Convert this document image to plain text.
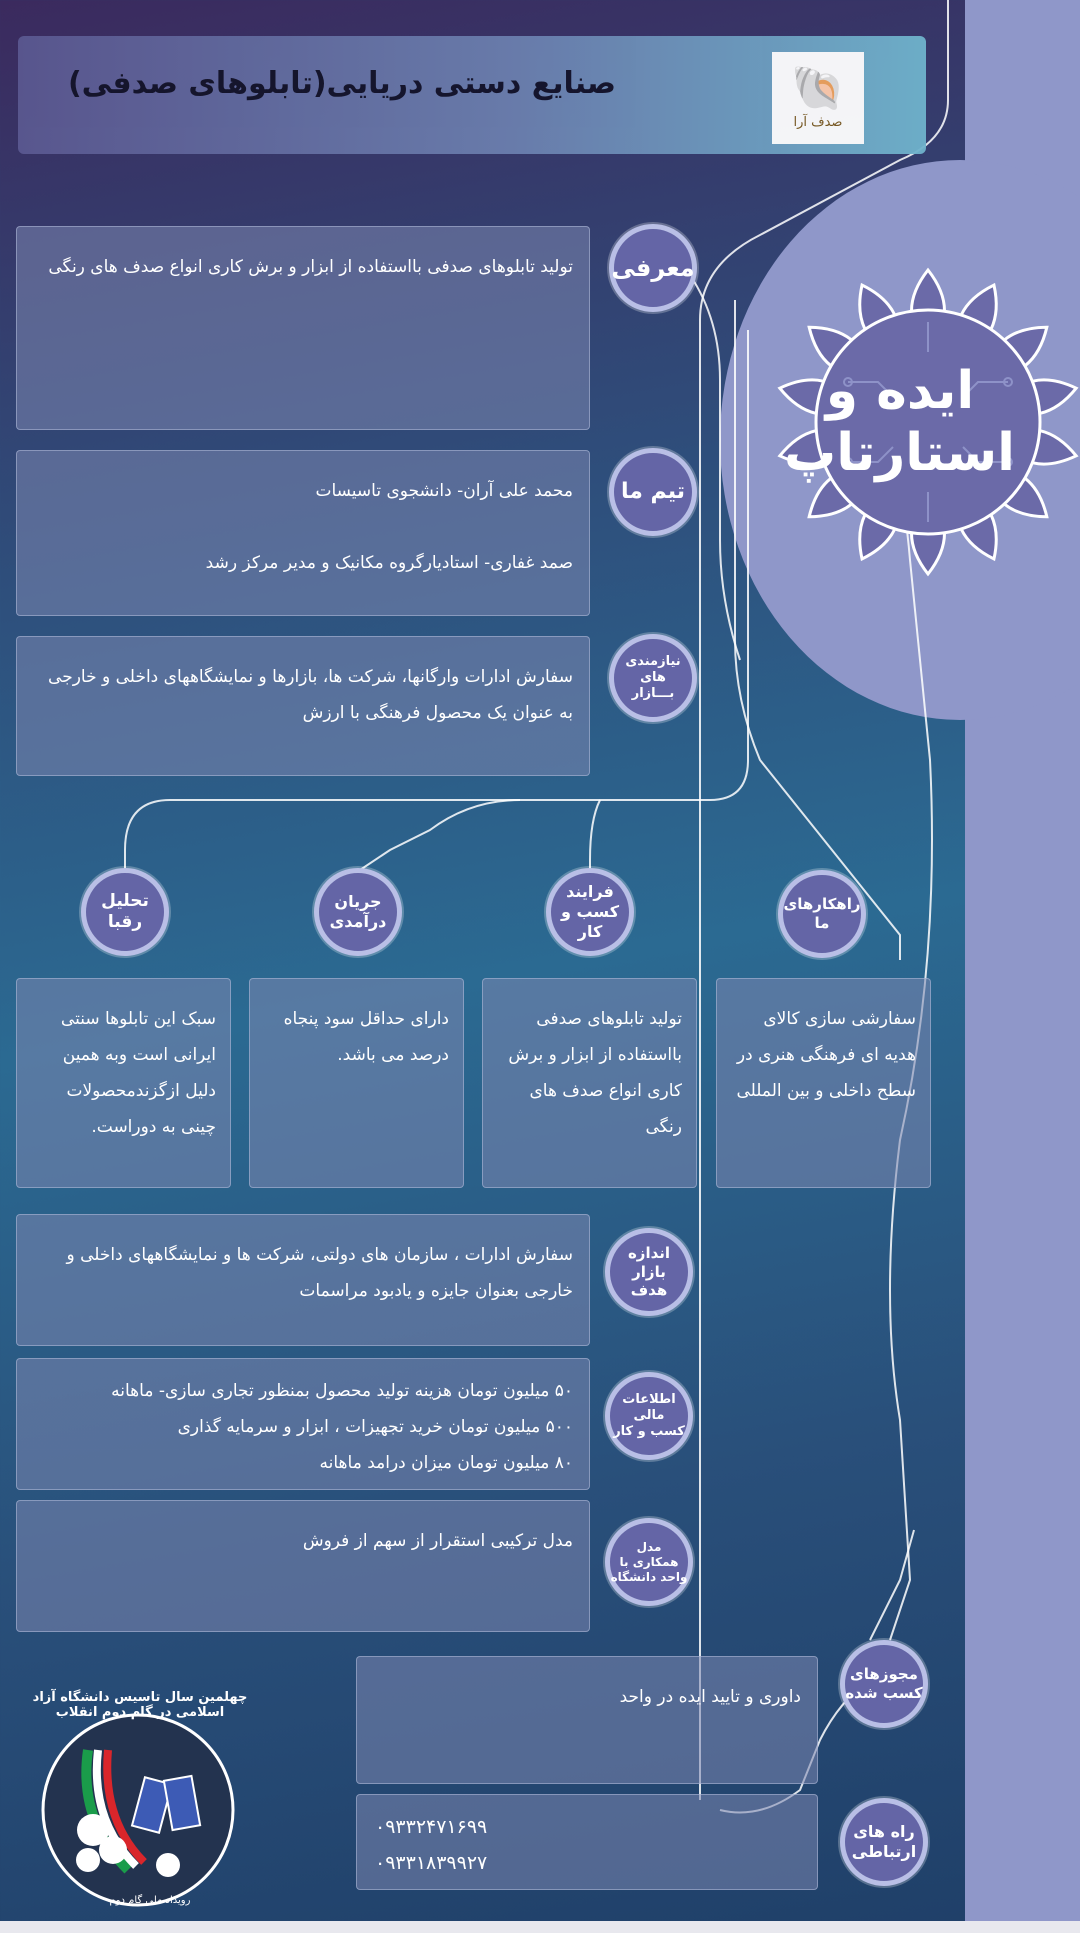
صنایع دستی دریایی(تابلوهای صدفی)	🐚
صدف آرا
ایده و
استارتاپ

تولید تابلوهای صدفی بااستفاده از ابزار و برش کاری انواع صدف های رنگی معرفی

محمد علی آران- دانشجوی تاسیسات

صمد غفاری- استادیارگروه مکانیک و مدیر مرکز رشد

تیم ما

سفارش ادارات وارگانها، شرکت ها، بازارها و نمایشگاههای داخلی و خارجی به عنوان یک محصول فرهنگی با ارزش

نیازمندی های
بـــازار
راهکارهای
ما
فرایند
کسب و کار
جریان
درآمدی
تحلیل رقبا

سفارشی سازی کالای هدیه ای فرهنگی هنری در سطح داخلی و بین المللی

تولید تابلوهای صدفی بااستفاده از ابزار و برش کاری انواع صدف های رنگی

دارای حداقل سود پنجاه درصد می باشد.

سبک این تابلوها سنتی ایرانی است وبه همین دلیل ازگزندمحصولات چینی به دوراست.

سفارش ادارات ، سازمان های دولتی، شرکت ها و نمایشگاههای داخلی و خارجی بعنوان جایزه و یادبود مراسمات

اندازه بازار
هدف

۵۰ میلیون تومان هزینه تولید محصول بمنظور تجاری سازی- ماهانه

۵۰۰ میلیون تومان خرید تجهیزات ، ابزار و سرمایه گذاری

۸۰ میلیون تومان میزان درامد ماهانه

اطلاعات مالی
کسب و کار

مدل ترکیبی استقرار از سهم از فروش	مدل
همکاری با
واحد دانشگاه

داوری و تایید ایده در واحد

مجوزهای
کسب شده
۰۹۳۳۲۴۷۱۶۹۹
۰۹۳۳۱۸۳۹۹۲۷
راه های
ارتباطی
چهلمین سال تاسیس دانشگاه آزاد اسلامی در گام دوم انقلاب
رویداد ملی گام دوم
